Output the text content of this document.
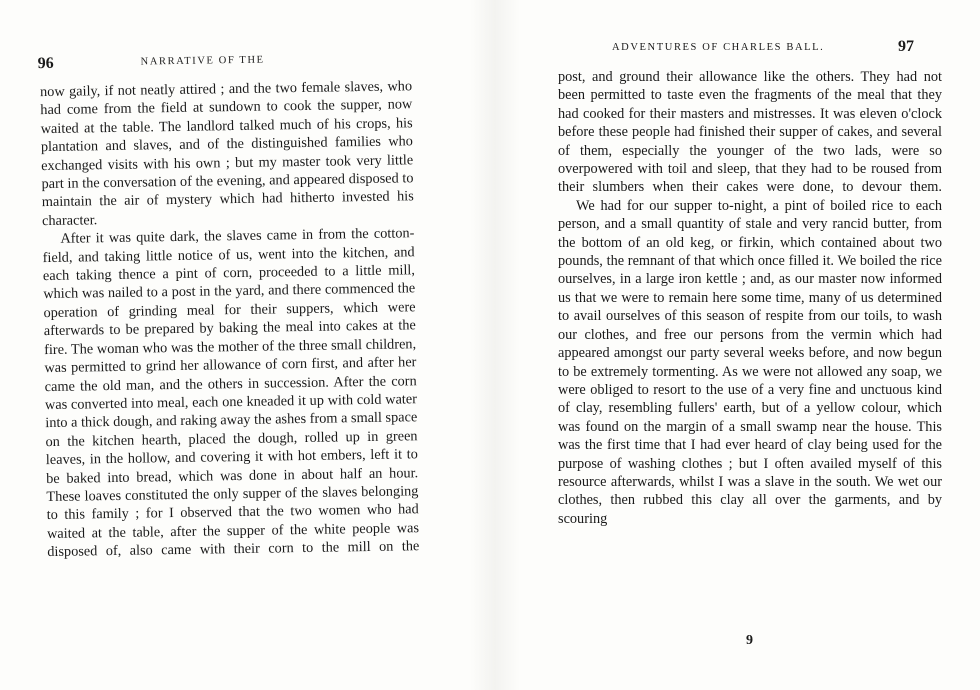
96	NARRATIVE OF THE

now gaily, if not neatly attired ; and the two female slaves, who had come from the field at sundown to cook the supper, now waited at the table. The landlord talked much of his crops, his plantation and slaves, and of the distinguished families who exchanged visits with his own ; but my master took very little part in the conversation of the evening, and appeared disposed to maintain the air of mystery which had hitherto invested his character.

After it was quite dark, the slaves came in from the cotton-field, and taking little notice of us, went into the kitchen, and each taking thence a pint of corn, proceeded to a little mill, which was nailed to a post in the yard, and there commenced the operation of grinding meal for their suppers, which were afterwards to be prepared by baking the meal into cakes at the fire. The woman who was the mother of the three small children, was permitted to grind her allowance of corn first, and after her came the old man, and the others in succession. After the corn was converted into meal, each one kneaded it up with cold water into a thick dough, and raking away the ashes from a small space on the kitchen hearth, placed the dough, rolled up in green leaves, in the hollow, and covering it with hot embers, left it to be baked into bread, which was done in about half an hour. These loaves constituted the only supper of the slaves belonging to this family ; for I observed that the two women who had waited at the table, after the supper of the white people was disposed of, also came with their corn to the mill on the

ADVENTURES OF CHARLES BALL.	97

post, and ground their allowance like the others. They had not been permitted to taste even the fragments of the meal that they had cooked for their masters and mistresses. It was eleven o'clock before these people had finished their supper of cakes, and several of them, especially the younger of the two lads, were so overpowered with toil and sleep, that they had to be roused from their slumbers when their cakes were done, to devour them.

We had for our supper to-night, a pint of boiled rice to each person, and a small quantity of stale and very rancid butter, from the bottom of an old keg, or firkin, which contained about two pounds, the remnant of that which once filled it. We boiled the rice ourselves, in a large iron kettle ; and, as our master now informed us that we were to remain here some time, many of us determined to avail ourselves of this season of respite from our toils, to wash our clothes, and free our persons from the vermin which had appeared amongst our party several weeks before, and now begun to be extremely tormenting. As we were not allowed any soap, we were obliged to resort to the use of a very fine and unctuous kind of clay, resembling fullers' earth, but of a yellow colour, which was found on the margin of a small swamp near the house. This was the first time that I had ever heard of clay being used for the purpose of washing clothes ; but I often availed myself of this resource afterwards, whilst I was a slave in the south. We wet our clothes, then rubbed this clay all over the garments, and by scouring

9
